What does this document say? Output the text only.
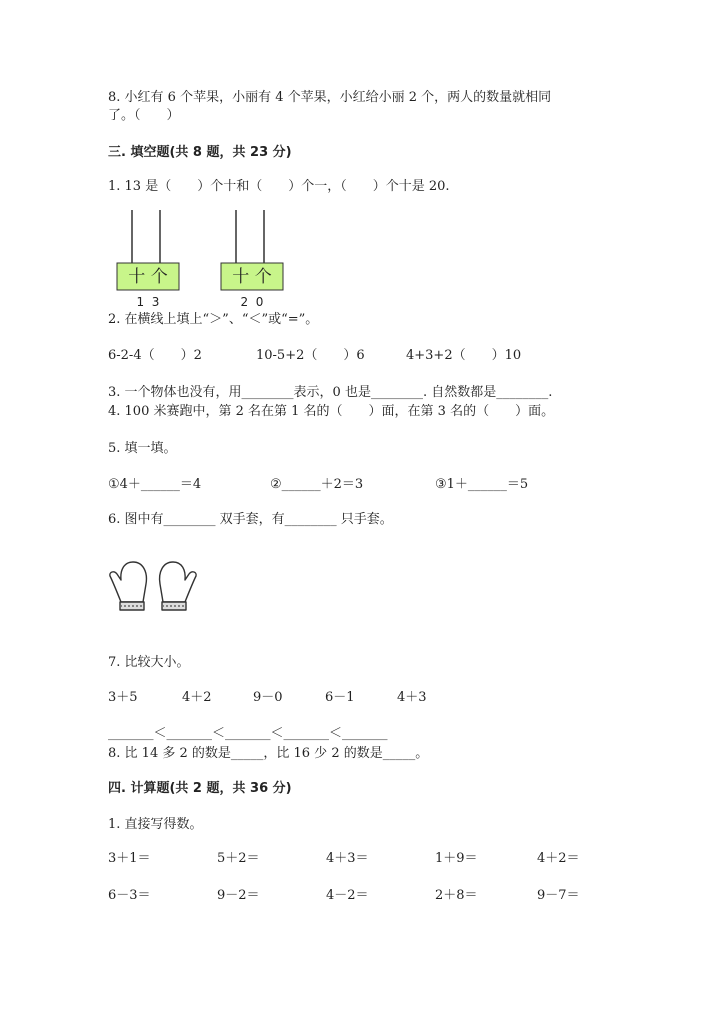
8. 小红有 6 个苹果，小丽有 4 个苹果，小红给小丽 2 个，两人的数量就相同
了。（　　）
三. 填空题(共 8 题，共 23 分)
1. 13 是（　　）个十和（　　）个一，（　　）个十是 20.
十 个
1  3
十 个
2  0
2. 在横线上填上“＞”、“＜”或“=”。
6-2-4（　　）2	10-5+2（　　）6	4+3+2（　　）10
3. 一个物体也没有，用________表示，0 也是________. 自然数都是________.
4. 100 米赛跑中，第 2 名在第 1 名的（　　）面，在第 3 名的（　　）面。
5. 填一填。
①4＋______＝4	②______＋2＝3	③1＋______＝5
6. 图中有________ 双手套，有________ 只手套。
7. 比较大小。
3＋5	4＋2	9－0	6－1	4＋3
_______＜_______＜_______＜_______＜_______
8. 比 14 多 2 的数是_____，比 16 少 2 的数是_____。
四. 计算题(共 2 题，共 36 分)
1. 直接写得数。
3＋1＝	5＋2＝	4＋3＝	1＋9＝	4＋2＝
6－3＝	9－2＝	4－2＝	2＋8＝	9－7＝
